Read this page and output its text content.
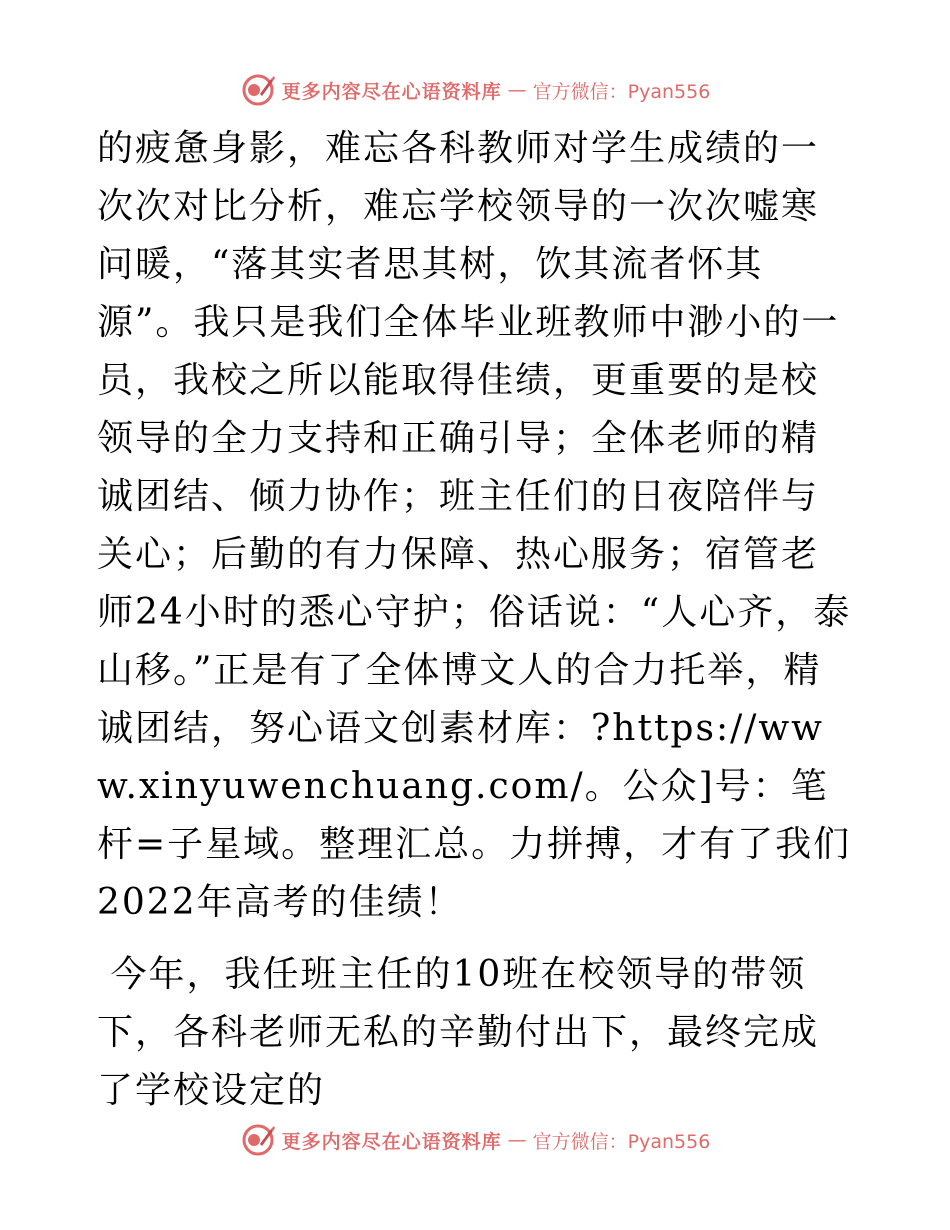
更多内容尽在心语资料库 — 官方微信：Pyan556

的疲惫身影，难忘各科教师对学生成绩的一次次对比分析，难忘学校领导的一次次嘘寒问暖，“落其实者思其树，饮其流者怀其源”。我只是我们全体毕业班教师中渺小的一员，我校之所以能取得佳绩，更重要的是校领导的全力支持和正确引导；全体老师的精诚团结、倾力协作；班主任们的日夜陪伴与关心；后勤的有力保障、热心服务；宿管老师24小时的悉心守护；俗话说：“人心齐，泰山移。”正是有了全体博文人的合力托举，精诚团结，努心语文创素材库：?https://www.xinyuwenchuang.com/。公众]号：笔杆=子星域。整理汇总。力拼搏，才有了我们2022年高考的佳绩！

今年，我任班主任的10班在校领导的带领下，各科老师无私的辛勤付出下，最终完成了学校设定的

更多内容尽在心语资料库 — 官方微信：Pyan556
